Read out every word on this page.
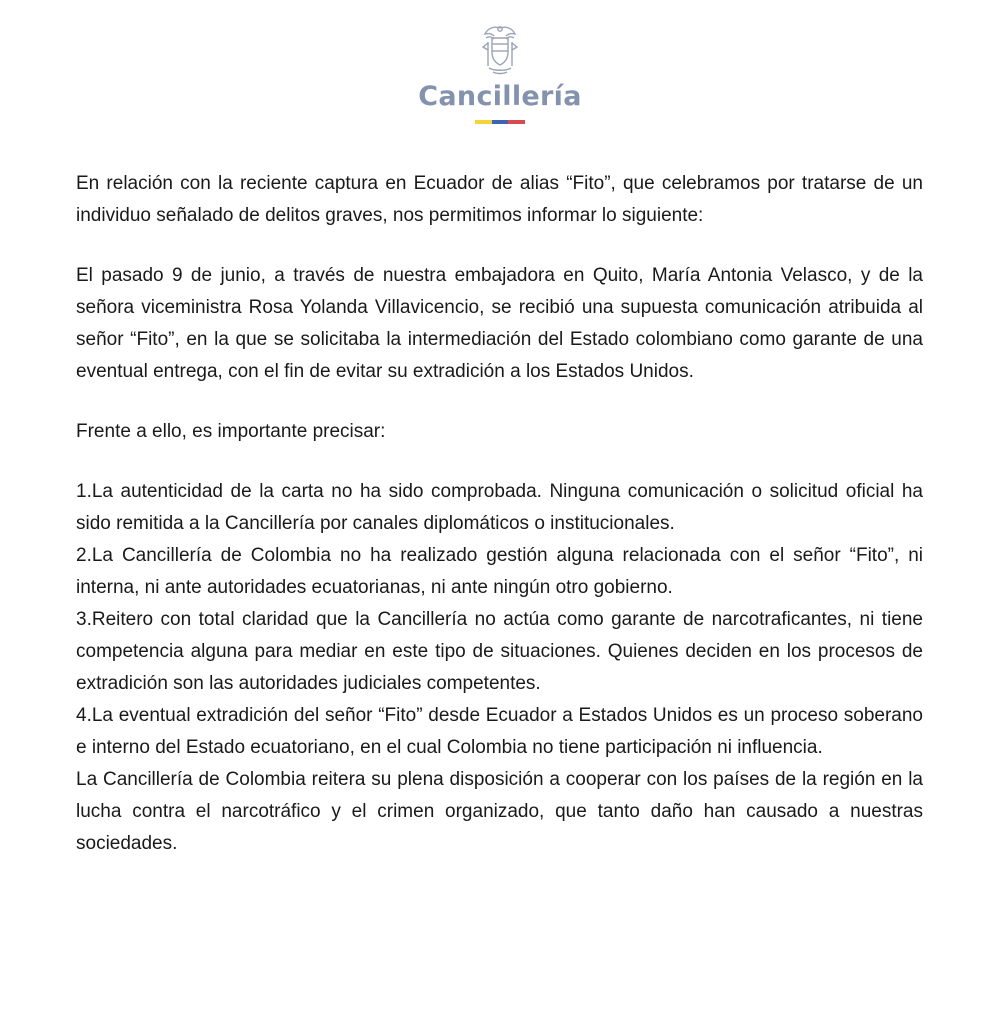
Cancillería

En relación con la reciente captura en Ecuador de alias “Fito”, que celebramos por tratarse de un individuo señalado de delitos graves, nos permitimos informar lo siguiente:

El pasado 9 de junio, a través de nuestra embajadora en Quito, María Antonia Velasco, y de la señora viceministra Rosa Yolanda Villavicencio, se recibió una supuesta comunicación atribuida al señor “Fito”, en la que se solicitaba la intermediación del Estado colombiano como garante de una eventual entrega, con el fin de evitar su extradición a los Estados Unidos.

Frente a ello, es importante precisar:

1.La autenticidad de la carta no ha sido comprobada. Ninguna comunicación o solicitud oficial ha sido remitida a la Cancillería por canales diplomáticos o institucionales.

2.La Cancillería de Colombia no ha realizado gestión alguna relacionada con el señor “Fito”, ni interna, ni ante autoridades ecuatorianas, ni ante ningún otro gobierno.

3.Reitero con total claridad que la Cancillería no actúa como garante de narcotraficantes, ni tiene competencia alguna para mediar en este tipo de situaciones. Quienes deciden en los procesos de extradición son las autoridades judiciales competentes.

4.La eventual extradición del señor “Fito” desde Ecuador a Estados Unidos es un proceso soberano e interno del Estado ecuatoriano, en el cual Colombia no tiene participación ni influencia.

La Cancillería de Colombia reitera su plena disposición a cooperar con los países de la región en la lucha contra el narcotráfico y el crimen organizado, que tanto daño han causado a nuestras sociedades.
